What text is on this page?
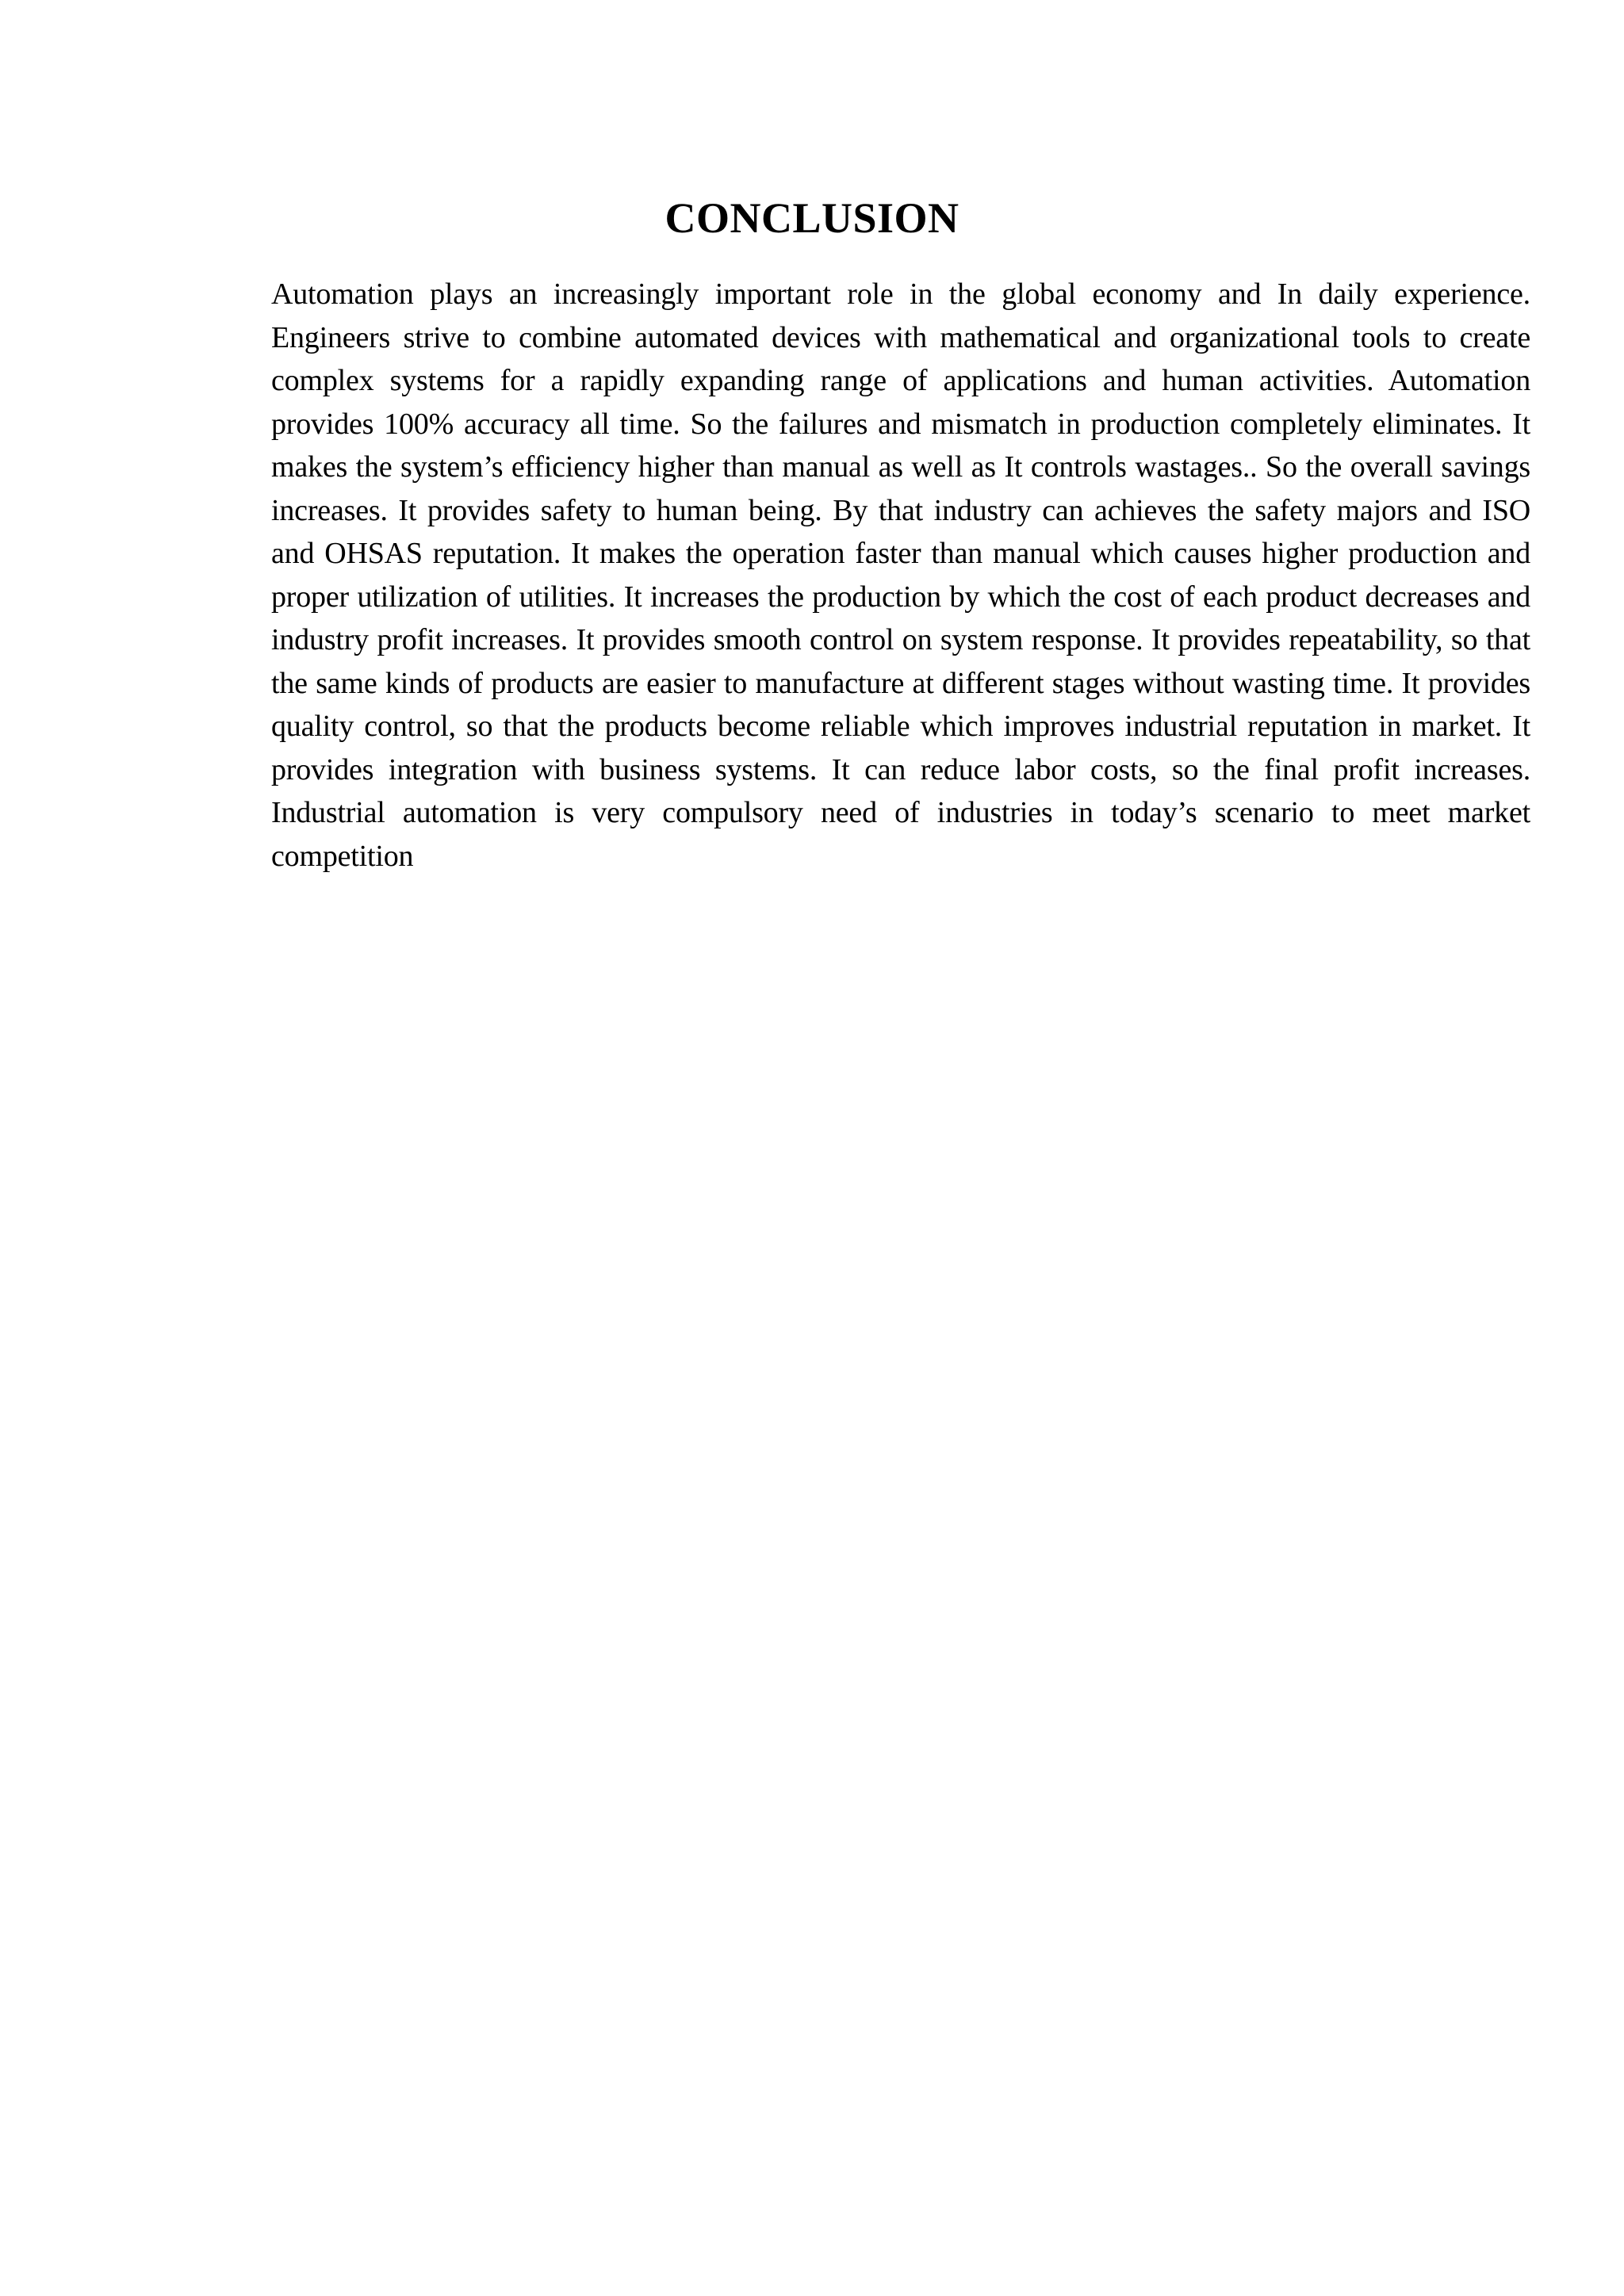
CONCLUSION

Automation plays an increasingly important role in the global economy and In daily experience. Engineers strive to combine automated devices with mathematical and organizational tools to create complex systems for a rapidly expanding range of applications and human activities. Automation provides 100% accuracy all time. So the failures and mismatch in production completely eliminates. It makes the system’s efficiency higher than manual as well as It controls wastages.. So the overall savings increases. It provides safety to human being. By that industry can achieves the safety majors and ISO and OHSAS reputation. It makes the operation faster than manual which causes higher production and proper utilization of utilities. It increases the production by which the cost of each product decreases and industry profit increases. It provides smooth control on system response. It provides repeatability, so that the same kinds of products are easier to manufacture at different stages without wasting time. It provides quality control, so that the products become reliable which improves industrial reputation in market. It provides integration with business systems. It can reduce labor costs, so the final profit increases. Industrial automation is very compulsory need of industries in today’s scenario to meet market competition
